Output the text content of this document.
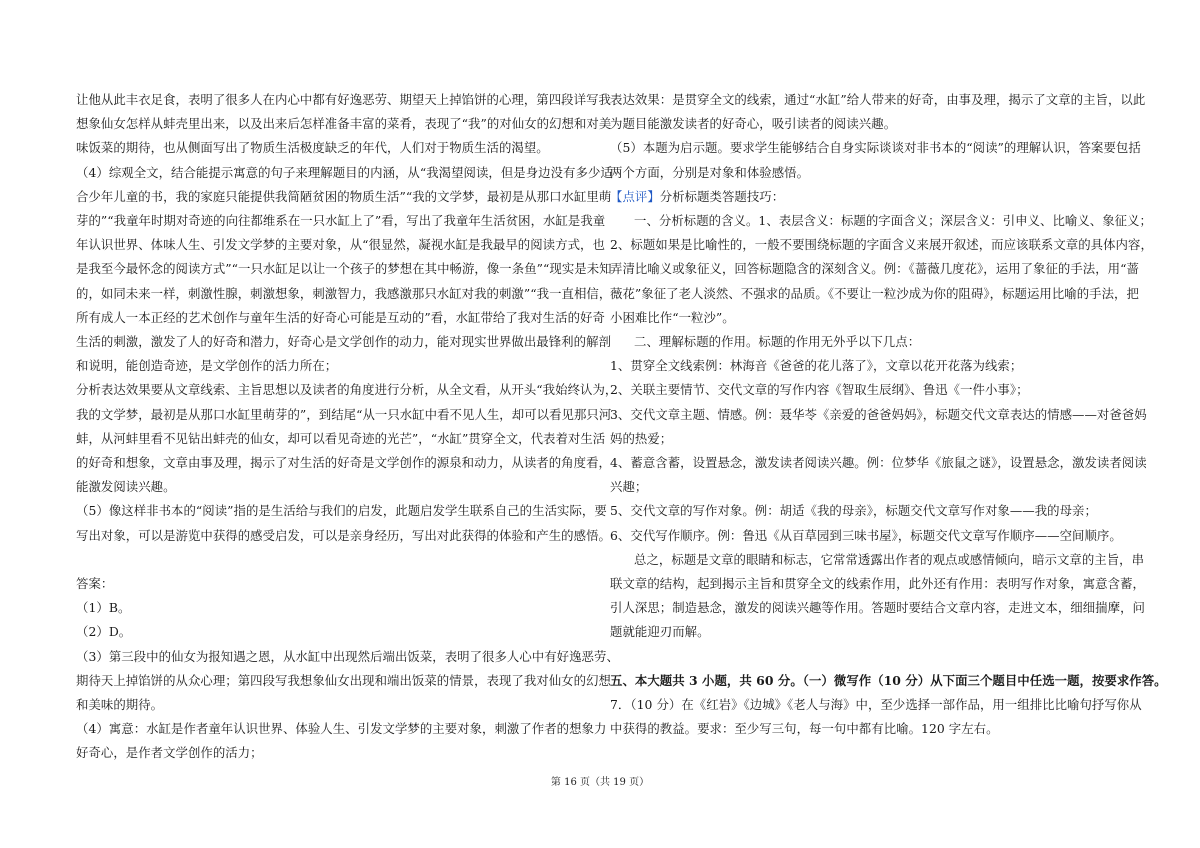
让他从此丰衣足食，表明了很多人在内心中都有好逸恶劳、期望天上掉馅饼的心理，第四段详写我

想象仙女怎样从蚌壳里出来，以及出来后怎样准备丰富的菜肴，表现了“我”的对仙女的幻想和对美

味饭菜的期待，也从侧面写出了物质生活极度缺乏的年代，人们对于物质生活的渴望。

（4）综观全文，结合能提示寓意的句子来理解题目的内涵，从“我渴望阅读，但是身边没有多少适

合少年儿童的书，我的家庭只能提供我简陋贫困的物质生活”“我的文学梦，最初是从那口水缸里萌

芽的”“我童年时期对奇迹的向往都维系在一只水缸上了”看，写出了我童年生活贫困，水缸是我童

年认识世界、体味人生、引发文学梦的主要对象，从“很显然，凝视水缸是我最早的阅读方式，也

是我至今最怀念的阅读方式”“一只水缸足以让一个孩子的梦想在其中畅游，像一条鱼”“现实是未知

的，如同未来一样，刺激性腺，刺激想象，刺激智力，我感激那只水缸对我的刺激”“我一直相信，

所有成人一本正经的艺术创作与童年生活的好奇心可能是互动的”看，水缸带给了我对生活的好奇

生活的刺激，激发了人的好奇和潜力，好奇心是文学创作的动力，能对现实世界做出最锋利的解剖

和说明，能创造奇迹，是文学创作的活力所在；

分析表达效果要从文章线索、主旨思想以及读者的角度进行分析，从全文看，从开头“我始终认为，

我的文学梦，最初是从那口水缸里萌芽的”，到结尾“从一只水缸中看不见人生，却可以看见那只河

蚌，从河蚌里看不见钻出蚌壳的仙女，却可以看见奇迹的光芒”，“水缸”贯穿全文，代表着对生活

的好奇和想象，文章由事及理，揭示了对生活的好奇是文学创作的源泉和动力，从读者的角度看，

能激发阅读兴趣。

（5）像这样非书本的“阅读”指的是生活给与我们的启发，此题启发学生联系自己的生活实际，要

写出对象，可以是游览中获得的感受启发，可以是亲身经历，写出对此获得的体验和产生的感悟。

答案：

（1）B。

（2）D。

（3）第三段中的仙女为报知遇之恩，从水缸中出现然后端出饭菜，表明了很多人心中有好逸恶劳、

期待天上掉馅饼的从众心理；第四段写我想象仙女出现和端出饭菜的情景，表现了我对仙女的幻想

和美味的期待。

（4）寓意：水缸是作者童年认识世界、体验人生、引发文学梦的主要对象，刺激了作者的想象力

好奇心，是作者文学创作的活力；

表达效果：是贯穿全文的线索，通过“水缸”给人带来的好奇，由事及理，揭示了文章的主旨，以此

为题目能激发读者的好奇心，吸引读者的阅读兴趣。

（5）本题为启示题。要求学生能够结合自身实际谈谈对非书本的“阅读”的理解认识，答案要包括

两个方面，分别是对象和体验感悟。

【点评】分析标题类答题技巧：

一、分析标题的含义。1、表层含义：标题的字面含义；深层含义：引申义、比喻义、象征义；

2、标题如果是比喻性的，一般不要围绕标题的字面含义来展开叙述，而应该联系文章的具体内容，

弄清比喻义或象征义，回答标题隐含的深刻含义。例：《蔷薇几度花》，运用了象征的手法，用“蔷

薇花”象征了老人淡然、不强求的品质。《不要让一粒沙成为你的阻碍》，标题运用比喻的手法，把

小困难比作“一粒沙”。

二、理解标题的作用。标题的作用无外乎以下几点：

1、贯穿全文线索例：林海音《爸爸的花儿落了》，文章以花开花落为线索；

2、关联主要情节、交代文章的写作内容《智取生辰纲》、鲁迅《一件小事》；

3、交代文章主题、情感。例：聂华苓《亲爱的爸爸妈妈》，标题交代文章表达的情感——对爸爸妈

妈的热爱；

4、蓄意含蓄，设置悬念，激发读者阅读兴趣。例：位梦华《旅鼠之谜》，设置悬念，激发读者阅读

兴趣；

5、交代文章的写作对象。例：胡适《我的母亲》，标题交代文章写作对象——我的母亲；

6、交代写作顺序。例：鲁迅《从百草园到三味书屋》，标题交代文章写作顺序——空间顺序。

总之，标题是文章的眼睛和标志，它常常透露出作者的观点或感情倾向，暗示文章的主旨，串

联文章的结构，起到揭示主旨和贯穿全文的线索作用，此外还有作用：表明写作对象，寓意含蓄，

引人深思；制造悬念，激发的阅读兴趣等作用。答题时要结合文章内容，走进文本，细细揣摩，问

题就能迎刃而解。

五、本大题共 3 小题，共 60 分。（一）微写作（10 分）从下面三个题目中任选一题，按要求作答。

7．（10 分）在《红岩》《边城》《老人与海》中，至少选择一部作品，用一组排比比喻句抒写你从

中获得的教益。要求：至少写三句，每一句中都有比喻。120 字左右。

第 16 页（共 19 页）
